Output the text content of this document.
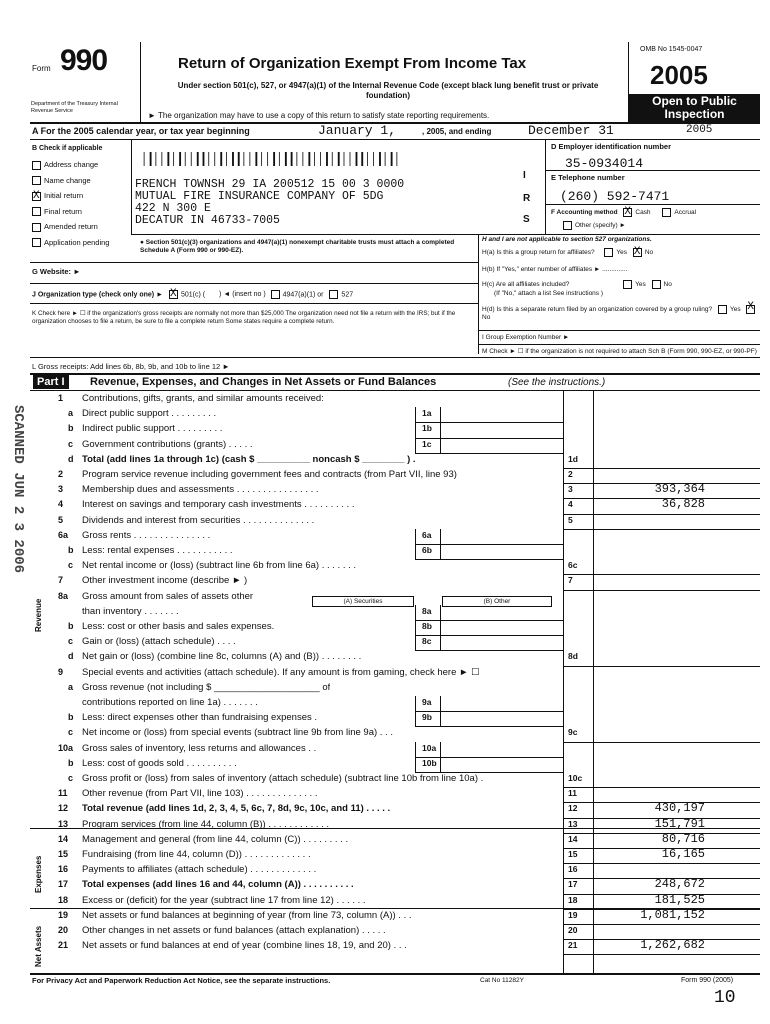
Form 990
Department of the Treasury Internal Revenue Service
Return of Organization Exempt From Income Tax
Under section 501(c), 527, or 4947(a)(1) of the Internal Revenue Code (except black lung benefit trust or private foundation)
► The organization may have to use a copy of this return to satisfy state reporting requirements.
OMB No 1545-0047
2005
Open to Public Inspection
A For the 2005 calendar year, or tax year beginning	January 1,	, 2005, and ending	December 31	2005
B Check if applicable
Address change
Name change
XInitial return
Final return
Amended return
Application pending
│┃││┃│┃││┃┃││┃│┃┃││┃││┃│┃┃││┃││┃│┃││┃┃││┃│┃│
FRENCH TOWNSH 29 IA 200512 15 00 3 0000
MUTUAL FIRE INSURANCE COMPANY OF 5DG
422 N 300 E
DECATUR IN 46733-7005
I
R
S
D Employer identification number
35-0934014
E Telephone number
(260) 592-7471
F Accounting method X	Cash	Accrual
Other (specify) ►
● Section 501(c)(3) organizations and 4947(a)(1) nonexempt charitable trusts must attach a completed Schedule A (Form 990 or 990-EZ).
H and I are not applicable to section 527 organizations.
H(a) Is this a group return for affiliates?	Yes X	No
H(b) If "Yes," enter number of affiliates ► ..............
H(c) Are all affiliates included?	Yes	No
(If "No," attach a list See instructions )
H(d) Is this a separate return filed by an organization covered by a group ruling?	Yes XNo
I Group Exemption Number ►
M Check ► ☐ if the organization is not required to attach Sch B (Form 990, 990-EZ, or 990-PF)
G Website: ►
J Organization type (check only one) ► X	501(c) ( ) ◄ (insert no ) 4947(a)(1) or	527
K Check here ► ☐ if the organization's gross receipts are normally not more than $25,000 The organization need not file a return with the IRS; but if the organization chooses to file a return, be sure to file a complete return Some states require a complete return.
L Gross receipts: Add lines 6b, 8b, 9b, and 10b to line 12 ►
Part I	Revenue, Expenses, and Changes in Net Assets or Fund Balances	(See the instructions.)
1 Contributions, gifts, grants, and similar amounts received:
a Direct public support . . . . . . . . .	1a
b Indirect public support . . . . . . . . .	1b
c Government contributions (grants) . . . . .	1c
d Total (add lines 1a through 1c) (cash $ __________ noncash $ ________ ) .	1d
2 Program service revenue including government fees and contracts (from Part VII, line 93)	2
3 Membership dues and assessments . . . . . . . . . . . . . . . .	3	393,364
4 Interest on savings and temporary cash investments . . . . . . . . . .	4	36,828
5 Dividends and interest from securities . . . . . . . . . . . . . .	5
6a Gross rents . . . . . . . . . . . . . . .	6a
b Less: rental expenses . . . . . . . . . . .	6b
c Net rental income or (loss) (subtract line 6b from line 6a) . . . . . . .	6c
7 Other investment income (describe ► )	7
8a Gross amount from sales of assets other
than inventory . . . . . . .	8a
b Less: cost or other basis and sales expenses.	8b
c Gain or (loss) (attach schedule) . . . .	8c
d Net gain or (loss) (combine line 8c, columns (A) and (B)) . . . . . . . .	8d
9 Special events and activities (attach schedule). If any amount is from gaming, check here ► ☐
a Gross revenue (not including $ ____________________ of
contributions reported on line 1a) . . . . . . .	9a
b Less: direct expenses other than fundraising expenses .	9b
c Net income or (loss) from special events (subtract line 9b from line 9a) . . .	9c
10a Gross sales of inventory, less returns and allowances . .	10a
b Less: cost of goods sold . . . . . . . . . .	10b
c Gross profit or (loss) from sales of inventory (attach schedule) (subtract line 10b from line 10a) .	10c
11 Other revenue (from Part VII, line 103) . . . . . . . . . . . . . .	11
12 Total revenue (add lines 1d, 2, 3, 4, 5, 6c, 7, 8d, 9c, 10c, and 11) . . . . .	12	430,197
13 Program services (from line 44, column (B)) . . . . . . . . . . . .	13	151,791
14 Management and general (from line 44, column (C)) . . . . . . . . .	14	80,716
15 Fundraising (from line 44, column (D)) . . . . . . . . . . . . .	15	16,165
16 Payments to affiliates (attach schedule) . . . . . . . . . . . . .	16
17 Total expenses (add lines 16 and 44, column (A)) . . . . . . . . . .	17	248,672
18 Excess or (deficit) for the year (subtract line 17 from line 12) . . . . . .	18	181,525
19 Net assets or fund balances at beginning of year (from line 73, column (A)) . . .	19	1,081,152
20 Other changes in net assets or fund balances (attach explanation) . . . . .	20
21 Net assets or fund balances at end of year (combine lines 18, 19, and 20) . . .	21	1,262,682
Revenue
Expenses
Net Assets
(A) Securities	(B) Other
SCANNED JUN 2 3 2006
For Privacy Act and Paperwork Reduction Act Notice, see the separate instructions.	Cat No 11282Y	Form 990 (2005)
10
